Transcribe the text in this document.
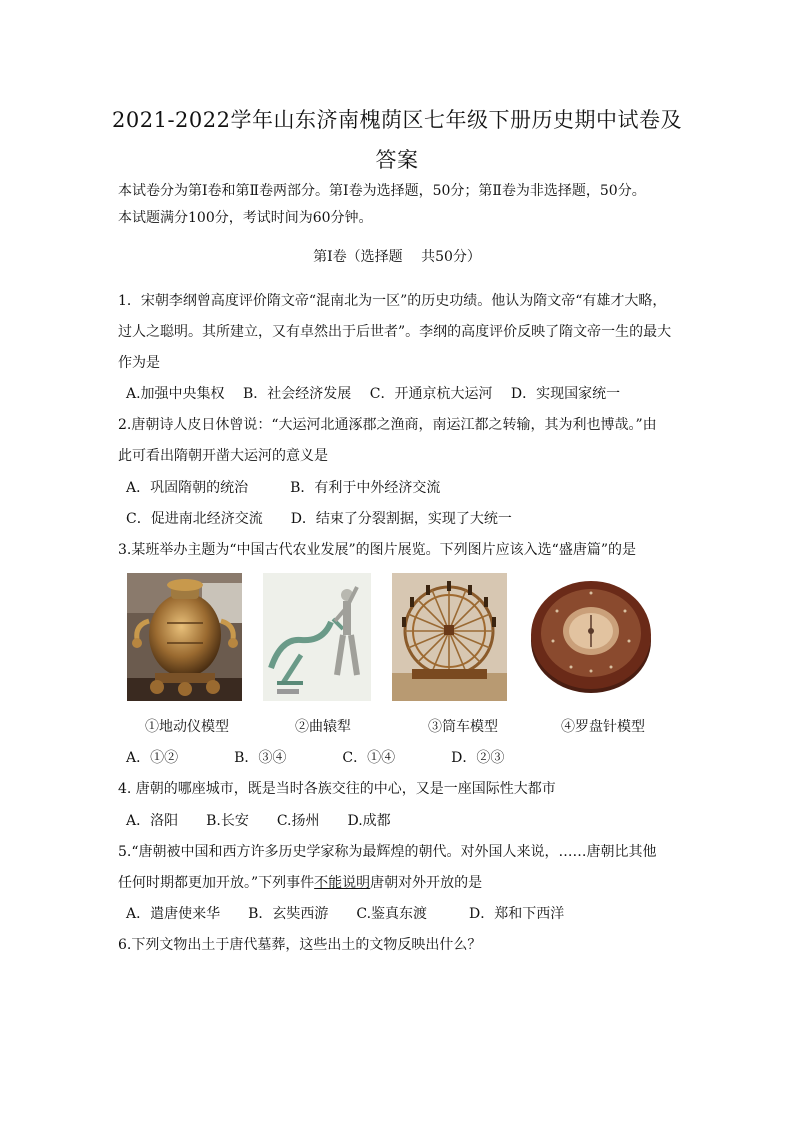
2021-2022学年山东济南槐荫区七年级下册历史期中试卷及
答案
本试卷分为第Ⅰ卷和第Ⅱ卷两部分。第Ⅰ卷为选择题，50分；第Ⅱ卷为非选择题，50分。
本试题满分100分，考试时间为60分钟。
第Ⅰ卷（选择题　 共50分）
1．宋朝李纲曾高度评价隋文帝“混南北为一区”的历史功绩。他认为隋文帝“有雄才大略，
过人之聪明。其所建立，又有卓然出于后世者”。李纲的高度评价反映了隋文帝一生的最大
作为是
A.加强中央集权　 B．社会经济发展　 C．开通京杭大运河　 D．实现国家统一
2.唐朝诗人皮日休曾说：“大运河北通涿郡之渔商，南运江都之转输，其为利也博哉。”由
此可看出隋朝开凿大运河的意义是
A．巩固隋朝的统治　　　B．有利于中外经济交流
C．促进南北经济交流　　D．结束了分裂割据，实现了大统一
3.某班举办主题为“中国古代农业发展”的图片展览。下列图片应该入选“盛唐篇”的是
①地动仪模型	②曲辕犁	③筒车模型	④罗盘针模型
A．①②　　　　B．③④　　　　C．①④　　　　D．②③
4. 唐朝的哪座城市，既是当时各族交往的中心，又是一座国际性大都市
A．洛阳　　B.长安　　C.扬州　　D.成都
5.“唐朝被中国和西方许多历史学家称为最辉煌的朝代。对外国人来说，……唐朝比其他
任何时期都更加开放。”下列事件不能说明唐朝对外开放的是
A．遣唐使来华　　B．玄奘西游　　C.鉴真东渡　　　D．郑和下西洋
6.下列文物出土于唐代墓葬，这些出土的文物反映出什么？
